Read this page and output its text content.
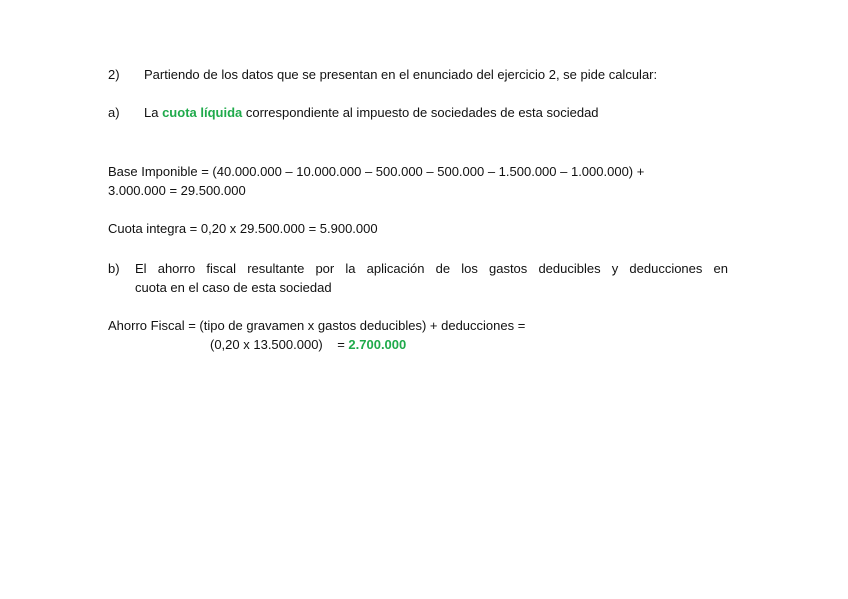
2) Partiendo de los datos que se presentan en el enunciado del ejercicio 2, se pide calcular:
a) La cuota líquida correspondiente al impuesto de sociedades de esta sociedad
Base Imponible = (40.000.000 – 10.000.000 – 500.000 – 500.000 – 1.500.000 – 1.000.000) +
3.000.000 = 29.500.000
Cuota integra = 0,20 x 29.500.000 = 5.900.000
b) El ahorro fiscal resultante por la aplicación de los gastos deducibles y deducciones en
cuota en el caso de esta sociedad
Ahorro Fiscal = (tipo de gravamen x gastos deducibles) + deducciones =
(0,20 x 13.500.000)    = 2.700.000
